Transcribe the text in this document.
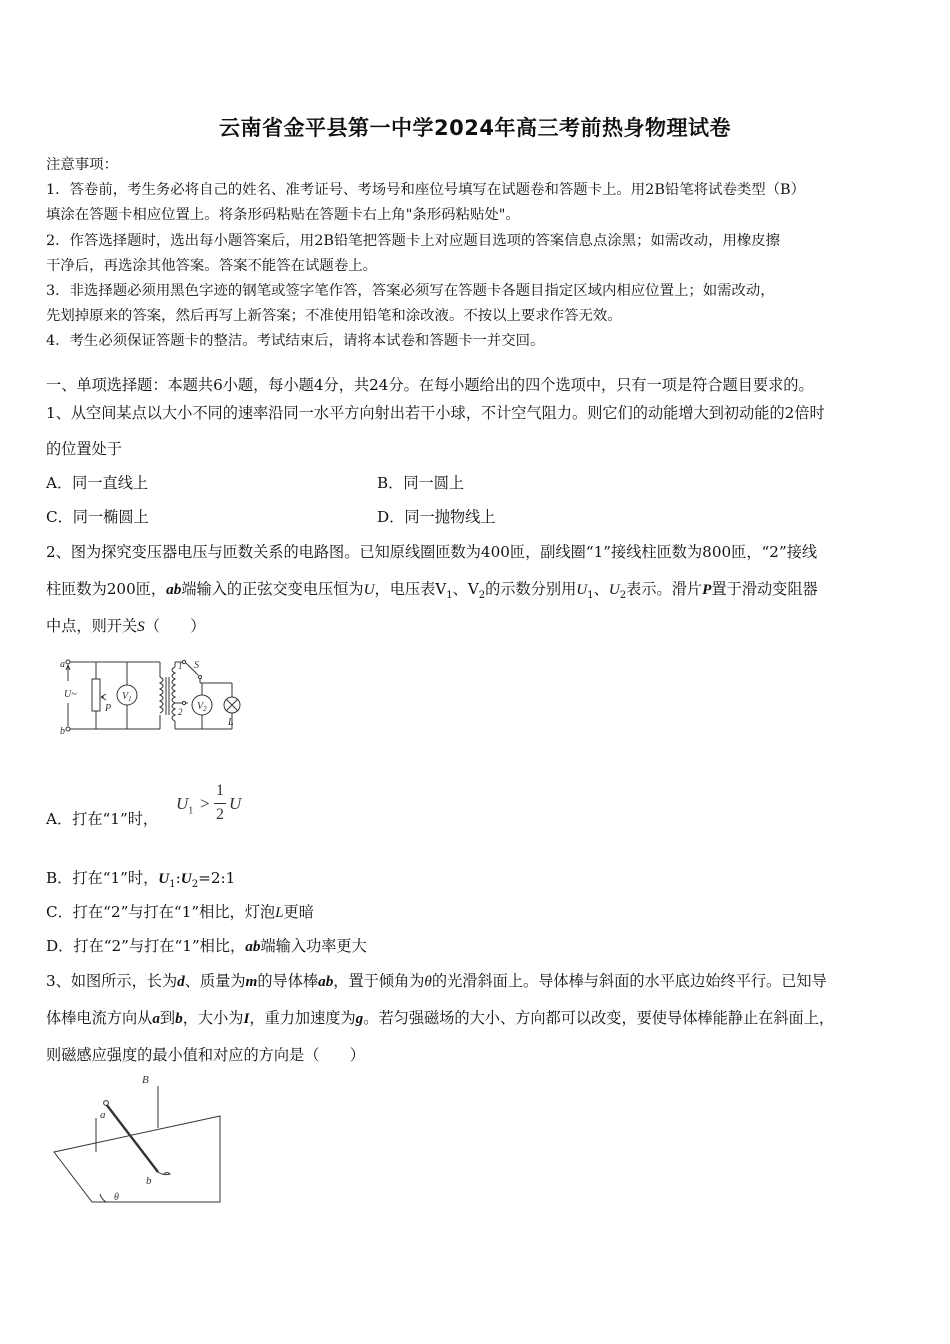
云南省金平县第一中学2024年高三考前热身物理试卷
注意事项：
1．答卷前，考生务必将自己的姓名、准考证号、考场号和座位号填写在试题卷和答题卡上。用2B铅笔将试卷类型（B）
填涂在答题卡相应位置上。将条形码粘贴在答题卡右上角"条形码粘贴处"。
2．作答选择题时，选出每小题答案后，用2B铅笔把答题卡上对应题目选项的答案信息点涂黑；如需改动，用橡皮擦
干净后，再选涂其他答案。答案不能答在试题卷上。
3．非选择题必须用黑色字迹的钢笔或签字笔作答，答案必须写在答题卡各题目指定区域内相应位置上；如需改动，
先划掉原来的答案，然后再写上新答案；不准使用铅笔和涂改液。不按以上要求作答无效。
4．考生必须保证答题卡的整洁。考试结束后，请将本试卷和答题卡一并交回。
一、单项选择题：本题共6小题，每小题4分，共24分。在每小题给出的四个选项中，只有一项是符合题目要求的。
1、从空间某点以大小不同的速率沿同一水平方向射出若干小球，不计空气阻力。则它们的动能增大到初动能的2倍时
的位置处于
A．同一直线上	B．同一圆上
C．同一椭圆上	D．同一抛物线上
2、图为探究变压器电压与匝数关系的电路图。已知原线圈匝数为400匝，副线圈“1”接线柱匝数为800匝，“2”接线
柱匝数为200匝，ab端输入的正弦交变电压恒为U，电压表$V_1$、$V_2$的示数分别用$U_1$、$U_2$表示。滑片P置于滑动变阻器
中点，则开关S（　　）
a
b
U~
P
$V_1$
$V_2$
1
2
S
L
A．打在“1”时，
$U_1$ >
1
2
U
B．打在“1”时，$U_1:U_2=2:1$
C．打在“2”与打在“1”相比，灯泡L更暗
D．打在“2”与打在“1”相比，ab端输入功率更大
3、如图所示，长为d、质量为m的导体棒ab，置于倾角为θ的光滑斜面上。导体棒与斜面的水平底边始终平行。已知导
体棒电流方向从a到b，大小为I，重力加速度为g。若匀强磁场的大小、方向都可以改变，要使导体棒能静止在斜面上，
则磁感应强度的最小值和对应的方向是（　　）
B
a
b
θ
